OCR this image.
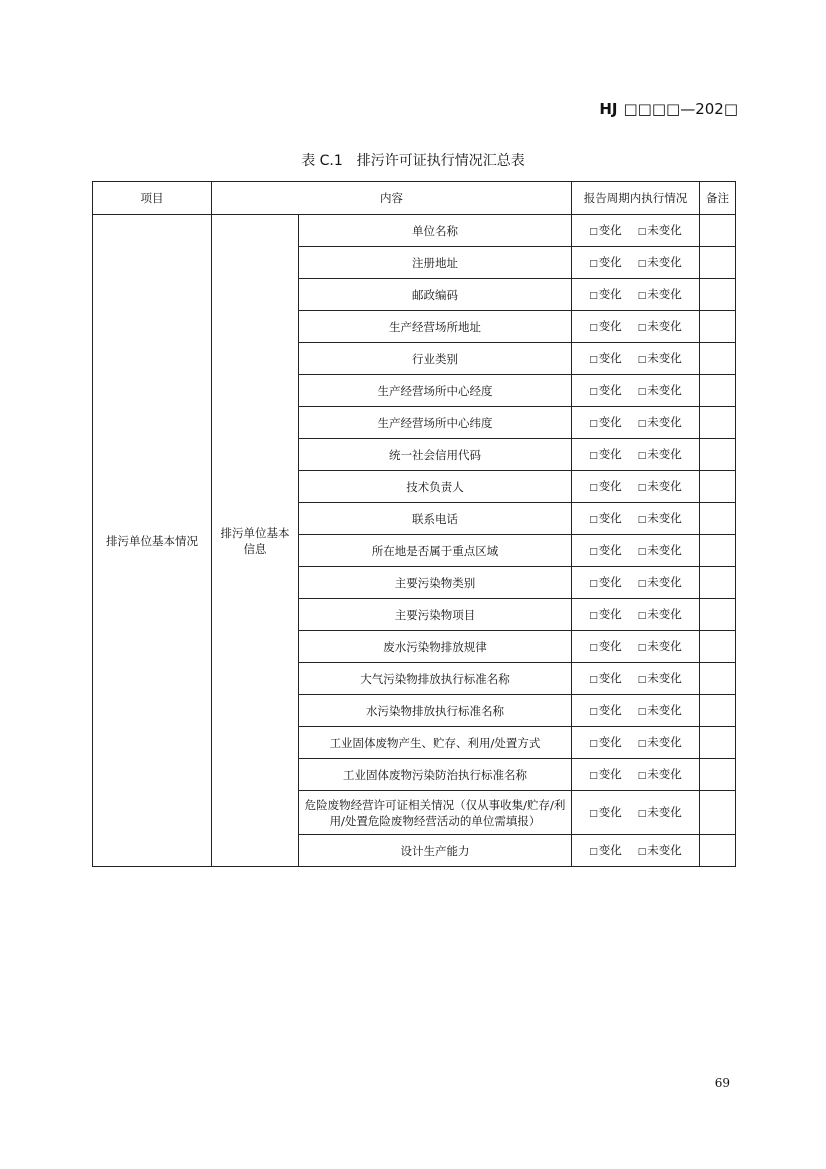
HJ □□□□—202□
表 C.1　排污许可证执行情况汇总表
项目	内容		报告周期内执行情况	备注
排污单位基本情况	排污单位基本信息	单位名称	□变化 □未变化	
		注册地址	□变化 □未变化	
		邮政编码	□变化 □未变化	
		生产经营场所地址	□变化 □未变化	
		行业类别	□变化 □未变化	
		生产经营场所中心经度	□变化 □未变化	
		生产经营场所中心纬度	□变化 □未变化	
		统一社会信用代码	□变化 □未变化	
		技术负责人	□变化 □未变化	
		联系电话	□变化 □未变化	
		所在地是否属于重点区域	□变化 □未变化	
		主要污染物类别	□变化 □未变化	
		主要污染物项目	□变化 □未变化	
		废水污染物排放规律	□变化 □未变化	
		大气污染物排放执行标准名称	□变化 □未变化	
		水污染物排放执行标准名称	□变化 □未变化	
		工业固体废物产生、贮存、利用/处置方式	□变化 □未变化	
		工业固体废物污染防治执行标准名称	□变化 □未变化	
		危险废物经营许可证相关情况（仅从事收集/贮存/利用/处置危险废物经营活动的单位需填报）	□变化 □未变化	
		设计生产能力	□变化 □未变化	
69
